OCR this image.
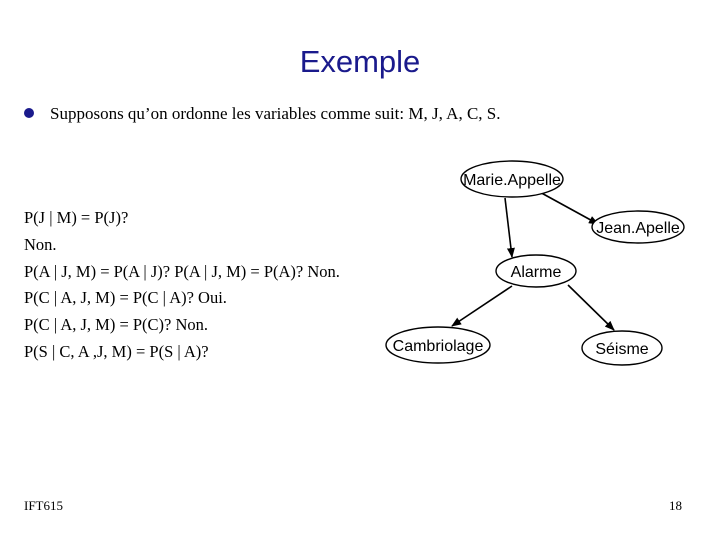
Exemple
Supposons qu’on ordonne les variables comme suit: M, J, A, C, S.
P(J | M) = P(J)?
Non.
P(A | J, M) = P(A | J)? P(A | J, M) = P(A)? Non.
P(C | A, J, M) = P(C | A)? Oui.
P(C | A, J, M) = P(C)? Non.
P(S | C, A ,J, M) = P(S | A)?
Marie.Appelle
Jean.Apelle
Alarme
Cambriolage	Séisme
IFT615	18
